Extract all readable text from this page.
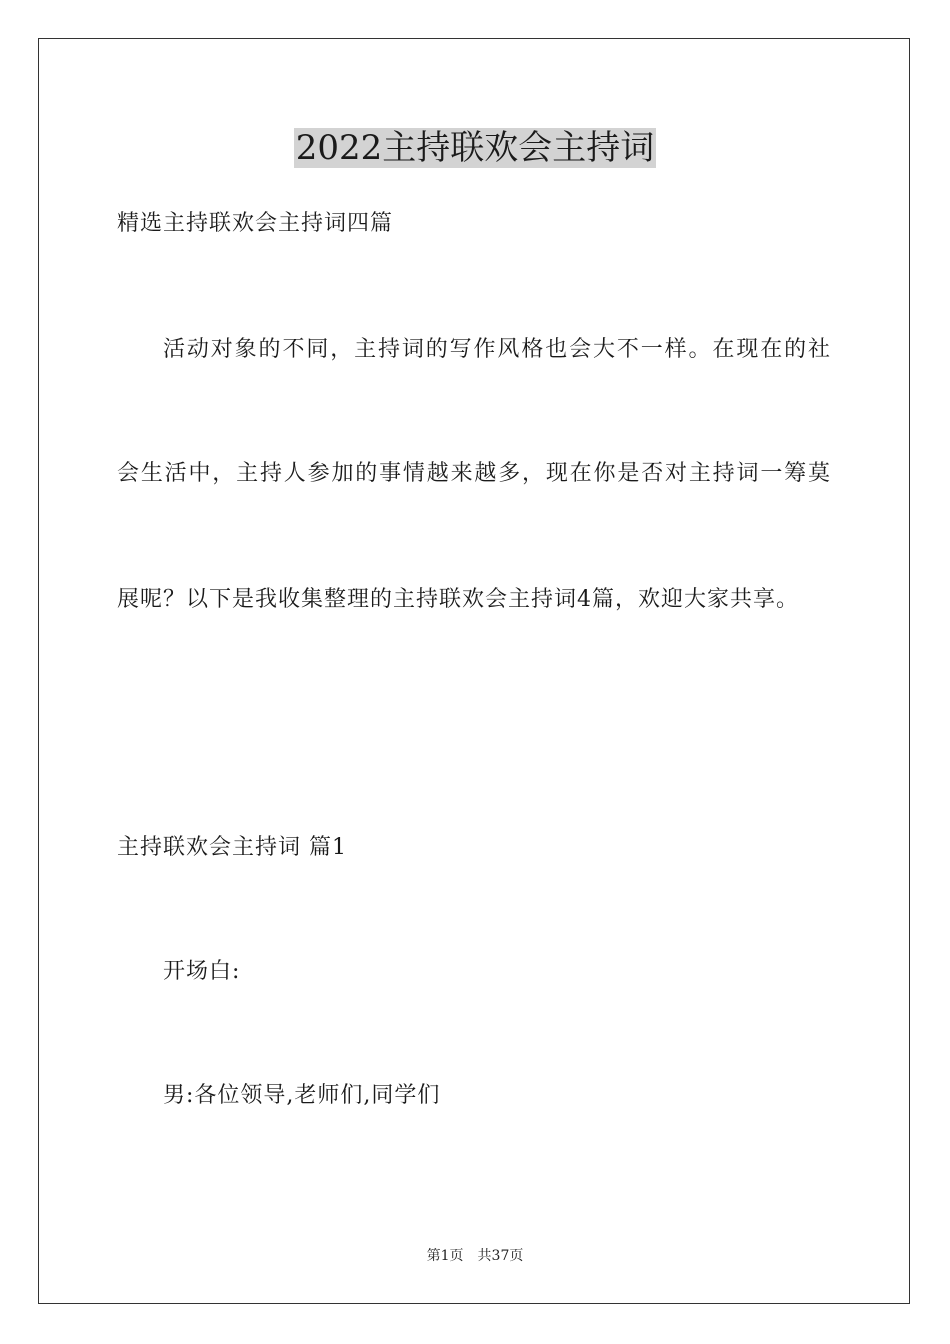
2022主持联欢会主持词
精选主持联欢会主持词四篇
活动对象的不同，主持词的写作风格也会大不一样。在现在的社
会生活中，主持人参加的事情越来越多，现在你是否对主持词一筹莫
展呢？以下是我收集整理的主持联欢会主持词4篇，欢迎大家共享。
主持联欢会主持词 篇1
开场白:
男:各位领导,老师们,同学们
第1页 共37页
